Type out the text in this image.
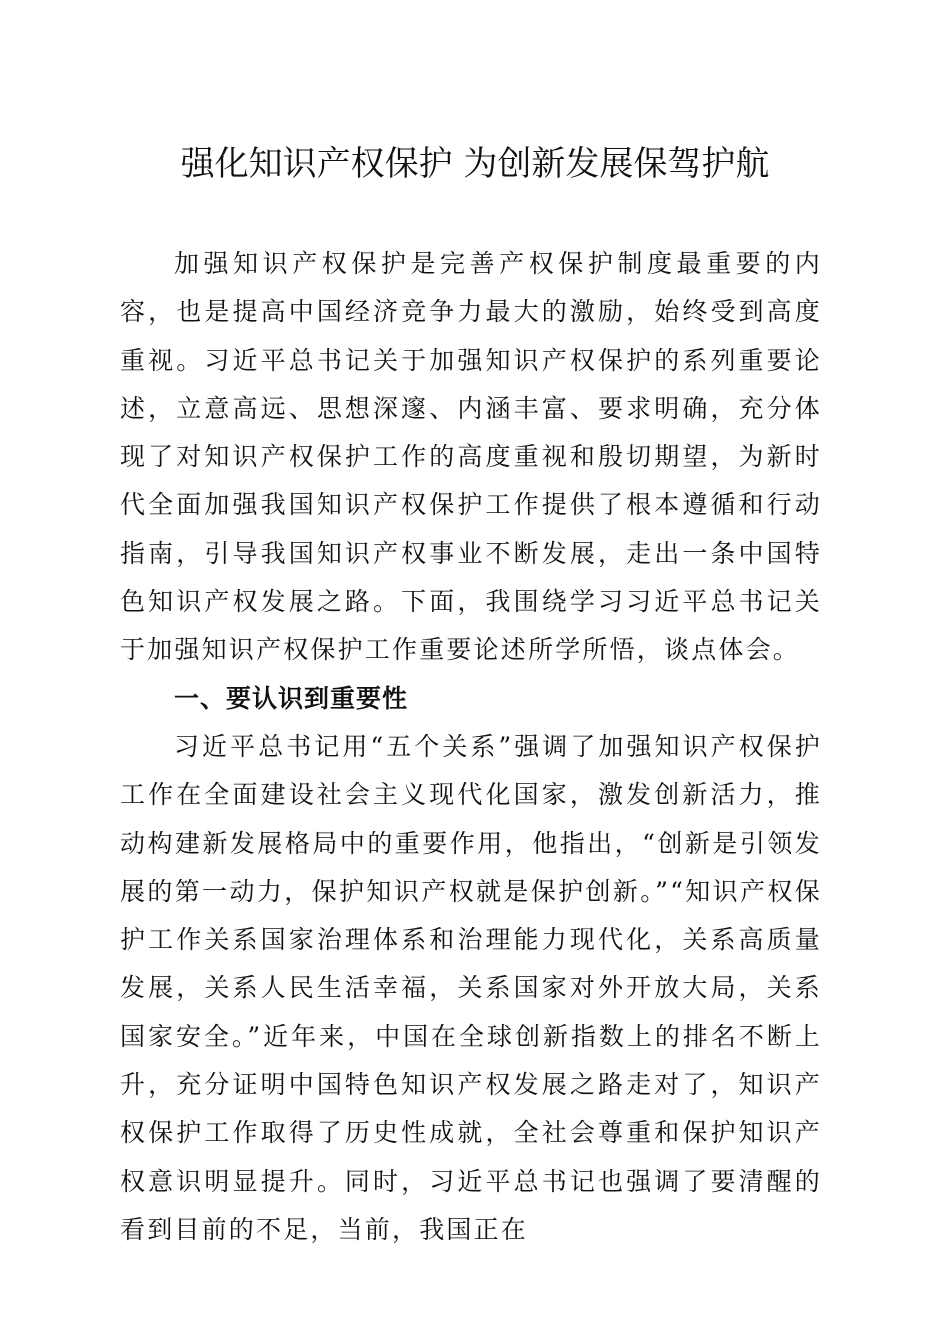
强化知识产权保护 为创新发展保驾护航

加强知识产权保护是完善产权保护制度最重要的内容，也是提高中国经济竞争力最大的激励，始终受到高度重视。习近平总书记关于加强知识产权保护的系列重要论述，立意高远、思想深邃、内涵丰富、要求明确，充分体现了对知识产权保护工作的高度重视和殷切期望，为新时代全面加强我国知识产权保护工作提供了根本遵循和行动指南，引导我国知识产权事业不断发展，走出一条中国特色知识产权发展之路。下面，我围绕学习习近平总书记关于加强知识产权保护工作重要论述所学所悟，谈点体会。

一、要认识到重要性

习近平总书记用“五个关系”强调了加强知识产权保护工作在全面建设社会主义现代化国家，激发创新活力，推动构建新发展格局中的重要作用，他指出，“创新是引领发展的第一动力，保护知识产权就是保护创新。”“知识产权保护工作关系国家治理体系和治理能力现代化，关系高质量发展，关系人民生活幸福，关系国家对外开放大局，关系国家安全。”近年来，中国在全球创新指数上的排名不断上升，充分证明中国特色知识产权发展之路走对了，知识产权保护工作取得了历史性成就，全社会尊重和保护知识产权意识明显提升。同时，习近平总书记也强调了要清醒的看到目前的不足，当前，我国正在
